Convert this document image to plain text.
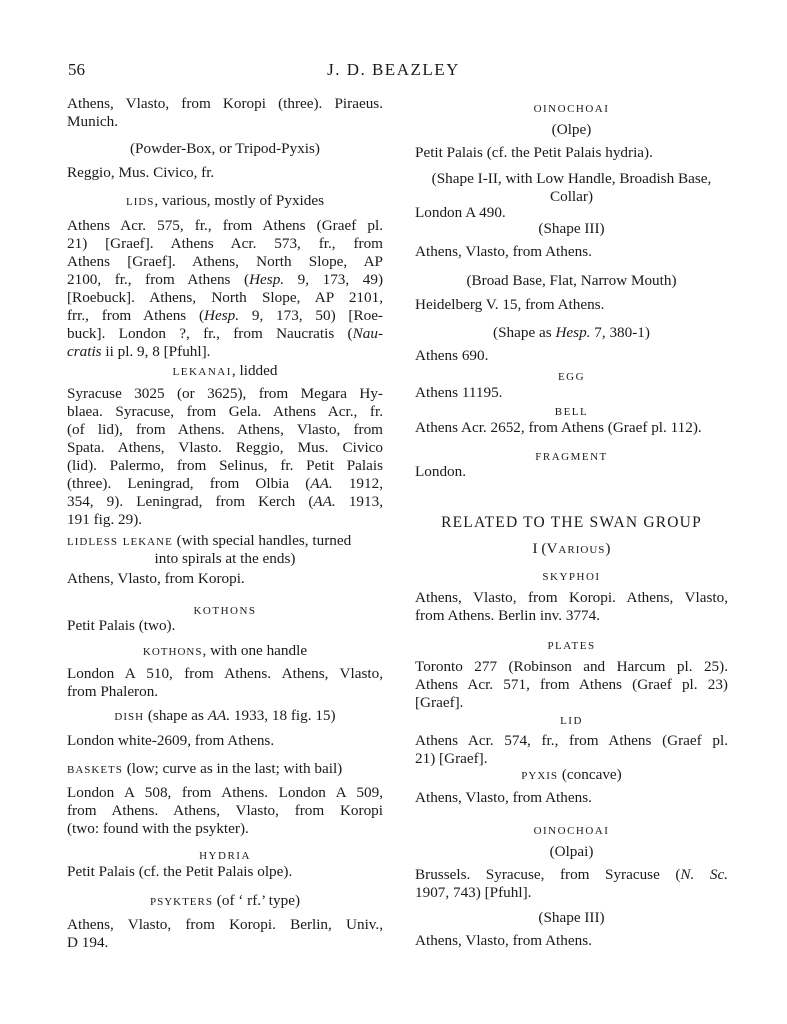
56	J. D. BEAZLEY
Athens, Vlasto, from Koropi (three). Piraeus.
Munich.
(Powder-Box, or Tripod-Pyxis)
Reggio, Mus. Civico, fr.
lids, various, mostly of Pyxides
Athens Acr. 575, fr., from Athens (Graef pl.
21) [Graef]. Athens Acr. 573, fr., from
Athens [Graef]. Athens, North Slope, AP
2100, fr., from Athens (Hesp. 9, 173, 49)
[Roebuck]. Athens, North Slope, AP 2101,
frr., from Athens (Hesp. 9, 173, 50) [Roe-
buck]. London ?, fr., from Naucratis (Nau-
cratis ii pl. 9, 8 [Pfuhl].
LEKANAI, lidded
Syracuse 3025 (or 3625), from Megara Hy-
blaea. Syracuse, from Gela. Athens Acr., fr.
(of lid), from Athens. Athens, Vlasto, from
Spata. Athens, Vlasto. Reggio, Mus. Civico
(lid). Palermo, from Selinus, fr. Petit Palais
(three). Leningrad, from Olbia (AA. 1912,
354, 9). Leningrad, from Kerch (AA. 1913,
191 fig. 29).
lidless lekane (with special handles, turned
into spirals at the ends)
Athens, Vlasto, from Koropi.
KOTHONS
Petit Palais (two).
kothons, with one handle
London A 510, from Athens. Athens, Vlasto,
from Phaleron.
dish (shape as AA. 1933, 18 fig. 15)
London white-2609, from Athens.
baskets (low; curve as in the last; with bail)
London A 508, from Athens. London A 509,
from Athens. Athens, Vlasto, from Koropi
(two: found with the psykter).
HYDRIA
Petit Palais (cf. the Petit Palais olpe).
psykters (of ‘ rf.’ type)
Athens, Vlasto, from Koropi. Berlin, Univ.,
D 194.
OINOCHOAI
(Olpe)
Petit Palais (cf. the Petit Palais hydria).
(Shape I-II, with Low Handle, Broadish Base,
Collar)
London A 490.
(Shape III)
Athens, Vlasto, from Athens.
(Broad Base, Flat, Narrow Mouth)
Heidelberg V. 15, from Athens.
(Shape as Hesp. 7, 380-1)
Athens 690.
EGG
Athens 11195.
BELL
Athens Acr. 2652, from Athens (Graef pl. 112).
FRAGMENT
London.
RELATED TO THE SWAN GROUP
I (Various)
SKYPHOI
Athens, Vlasto, from Koropi. Athens, Vlasto,
from Athens. Berlin inv. 3774.
PLATES
Toronto 277 (Robinson and Harcum pl. 25).
Athens Acr. 571, from Athens (Graef pl. 23)
[Graef].
LID
Athens Acr. 574, fr., from Athens (Graef pl.
21) [Graef].
pyxis (concave)
Athens, Vlasto, from Athens.
OINOCHOAI
(Olpai)
Brussels. Syracuse, from Syracuse (N. Sc.
1907, 743) [Pfuhl].
(Shape III)
Athens, Vlasto, from Athens.
